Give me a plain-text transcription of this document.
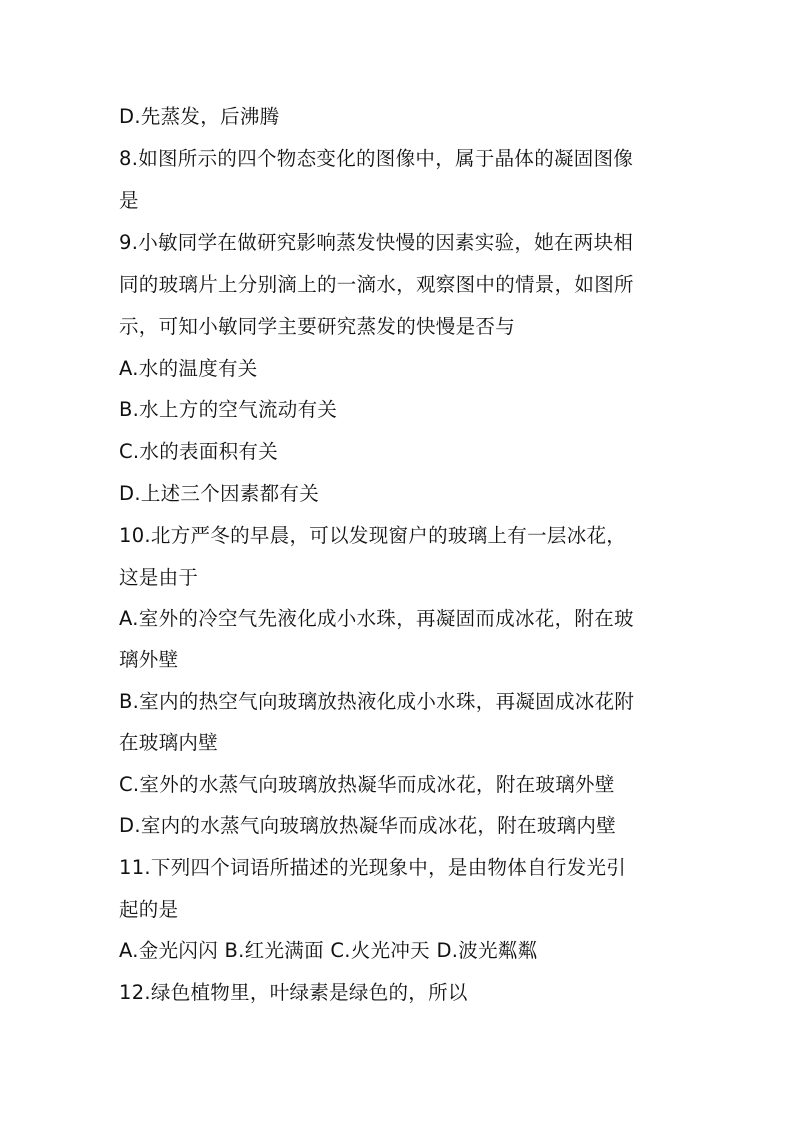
D.先蒸发，后沸腾
8.如图所示的四个物态变化的图像中，属于晶体的凝固图像
是
9.小敏同学在做研究影响蒸发快慢的因素实验，她在两块相
同的玻璃片上分别滴上的一滴水，观察图中的情景，如图所
示，可知小敏同学主要研究蒸发的快慢是否与
A.水的温度有关
B.水上方的空气流动有关
C.水的表面积有关
D.上述三个因素都有关
10.北方严冬的早晨，可以发现窗户的玻璃上有一层冰花，
这是由于
A.室外的冷空气先液化成小水珠，再凝固而成冰花，附在玻
璃外壁
B.室内的热空气向玻璃放热液化成小水珠，再凝固成冰花附
在玻璃内壁
C.室外的水蒸气向玻璃放热凝华而成冰花，附在玻璃外壁
D.室内的水蒸气向玻璃放热凝华而成冰花，附在玻璃内壁
11.下列四个词语所描述的光现象中，是由物体自行发光引
起的是
A.金光闪闪 B.红光满面 C.火光冲天 D.波光粼粼
12.绿色植物里，叶绿素是绿色的，所以
